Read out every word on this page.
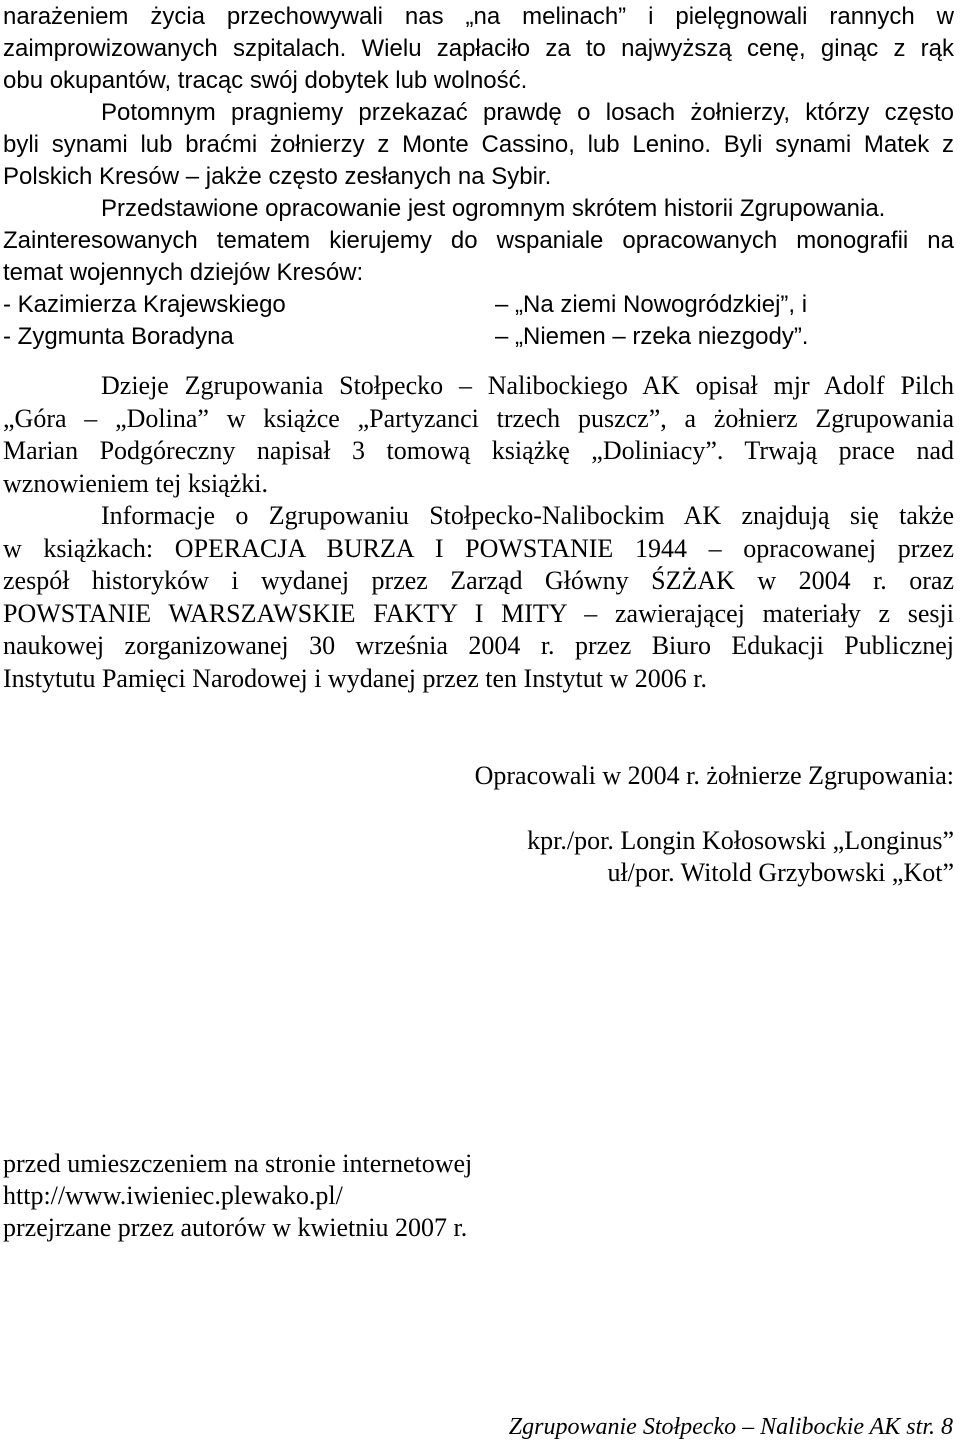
narażeniem życia przechowywali nas „na melinach” i pielęgnowali rannych w
zaimprowizowanych szpitalach. Wielu zapłaciło za to najwyższą cenę, ginąc z rąk
obu okupantów, tracąc swój dobytek lub wolność.
Potomnym pragniemy przekazać prawdę o losach żołnierzy, którzy często
byli synami lub braćmi żołnierzy z Monte Cassino, lub Lenino. Byli synami Matek z
Polskich Kresów – jakże często zesłanych na Sybir.
Przedstawione opracowanie jest ogromnym skrótem historii Zgrupowania.
Zainteresowanych tematem kierujemy do wspaniale opracowanych monografii na
temat wojennych dziejów Kresów:
- Kazimierza Krajewskiego	– „Na ziemi Nowogródzkiej”, i
- Zygmunta Boradyna	– „Niemen – rzeka niezgody”.
Dzieje Zgrupowania Stołpecko – Nalibockiego AK opisał mjr Adolf Pilch
„Góra – „Dolina” w książce „Partyzanci trzech puszcz”, a żołnierz Zgrupowania
Marian Podgóreczny napisał 3 tomową książkę „Doliniacy”. Trwają prace nad
wznowieniem tej książki.
Informacje o Zgrupowaniu Stołpecko-Nalibockim AK znajdują się także
w książkach: OPERACJA BURZA I POWSTANIE 1944 – opracowanej przez
zespół historyków i wydanej przez Zarząd Główny ŚZŻAK w 2004 r. oraz
POWSTANIE WARSZAWSKIE FAKTY I MITY – zawierającej materiały z sesji
naukowej zorganizowanej 30 września 2004 r. przez Biuro Edukacji Publicznej
Instytutu Pamięci Narodowej i wydanej przez ten Instytut w 2006 r.
Opracowali w 2004 r. żołnierze Zgrupowania:
kpr./por. Longin Kołosowski „Longinus”
uł/por. Witold Grzybowski „Kot”
przed umieszczeniem na stronie internetowej
http://www.iwieniec.plewako.pl/
przejrzane przez autorów w kwietniu 2007 r.
Zgrupowanie Stołpecko – Nalibockie AK str. 8
